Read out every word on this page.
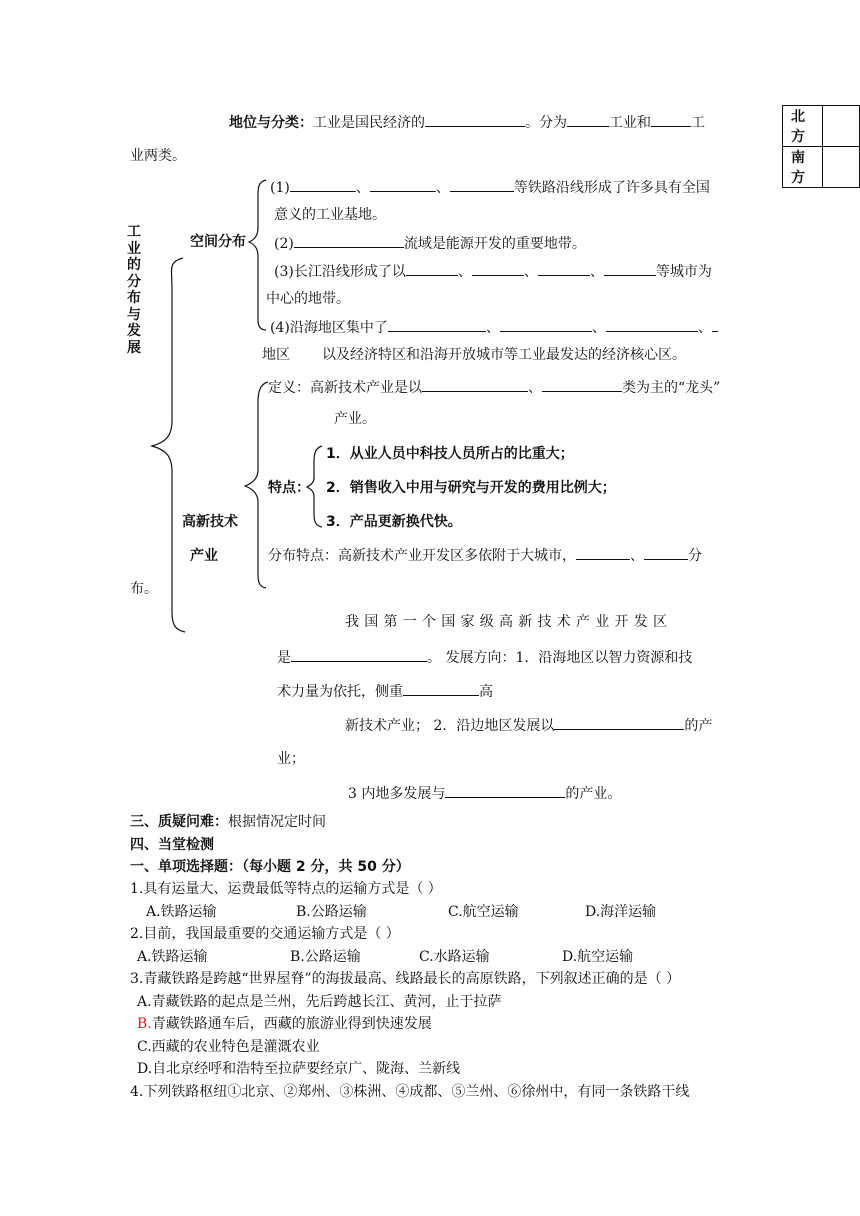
北方	
南方	
地位与分类：工业是国民经济的	。分为	工业和	工
业两类。
工业的分布与发展
空间分布
(1)	、	、	等铁路沿线形成了许多具有全国
意义的工业基地。
(2)	流域是能源开发的重要地带。
(3)长江沿线形成了以	、	、	、	等城市为
中心的地带。
(4)沿海地区集中了	、	、	、
地区 以及经济特区和沿海开放城市等工业最发达的经济核心区。
高新技术
产业
定义：高新技术产业是以	、	类为主的“龙头”
产业。
特点：
1．从业人员中科技人员所占的比重大；
2．销售收入中用与研究与开发的费用比例大；
3．产品更新换代快。
分布特点：高新技术产业开发区多依附于大城市，	、	分
布。
我 国 第 一 个 国 家 级 高 新 技 术 产 业 开 发 区
是	。 发展方向：1．沿海地区以智力资源和技
术力量为依托，侧重	高
新技术产业； 2．沿边地区发展以	的产
业；
3 内地多发展与	的产业。
三、质疑问难：根据情况定时间
四、当堂检测
一、单项选择题：（每小题 2 分，共 50 分）
1.具有运量大、运费最低等特点的运输方式是（ ）
A.铁路运输	B.公路运输	C.航空运输	D.海洋运输
2.目前，我国最重要的交通运输方式是（ ）
A.铁路运输	B.公路运输	C.水路运输	D.航空运输
3.青藏铁路是跨越“世界屋脊”的海拔最高、线路最长的高原铁路，下列叙述正确的是（ ）
A.青藏铁路的起点是兰州，先后跨越长江、黄河，止于拉萨
B.青藏铁路通车后，西藏的旅游业得到快速发展
C.西藏的农业特色是灌溉农业
D.自北京经呼和浩特至拉萨要经京广、陇海、兰新线
4.下列铁路枢纽①北京、②郑州、③株洲、④成都、⑤兰州、⑥徐州中，有同一条铁路干线
